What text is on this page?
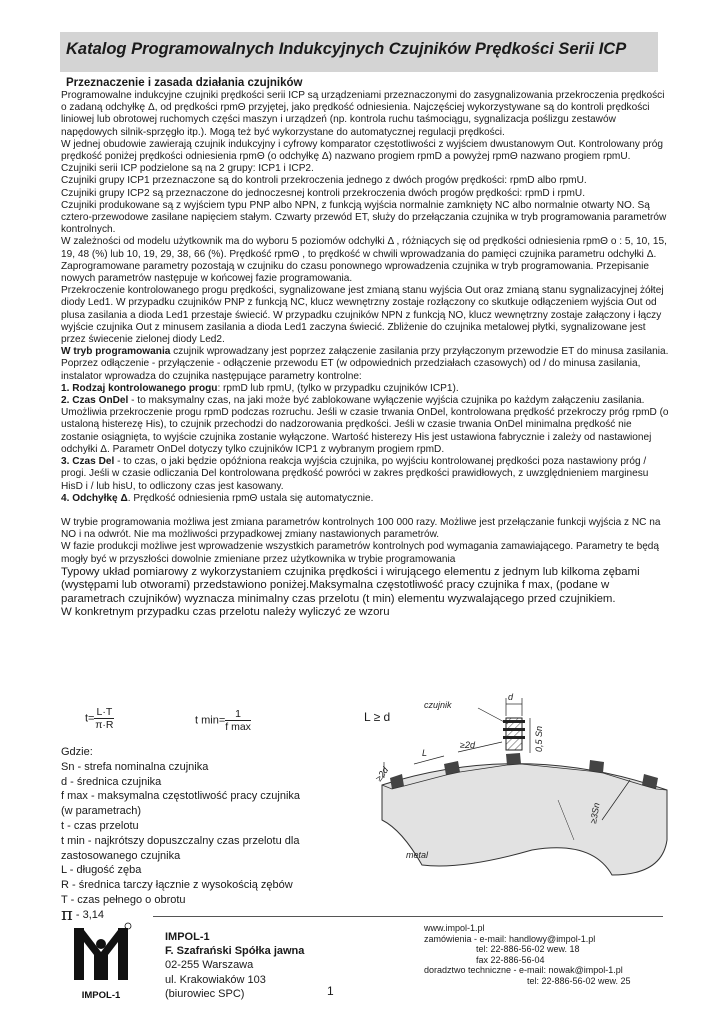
Katalog Programowalnych Indukcyjnych Czujników Prędkości Serii ICP
Przeznaczenie i zasada działania czujników

Programowalne indukcyjne czujniki prędkości serii ICP są urządzeniami przeznaczonymi do zasygnalizowania przekroczenia prędkości o zadaną odchyłkę Δ, od prędkości rpmΘ przyjętej, jako prędkość odniesienia. Najczęściej wykorzystywane są do kontroli prędkości liniowej lub obrotowej ruchomych części maszyn i urządzeń (np. kontrola ruchu taśmociągu, sygnalizacja poślizgu zestawów napędowych silnik-sprzęgło itp.). Mogą też być wykorzystane do automatycznej regulacji prędkości.

W jednej obudowie zawierają czujnik indukcyjny i cyfrowy komparator częstotliwości z wyjściem dwustanowym Out. Kontrolowany próg prędkość poniżej prędkości odniesienia rpmΘ (o odchyłkę Δ) nazwano progiem rpmD a powyżej rpmΘ nazwano progiem rpmU.

Czujniki serii ICP podzielone są na 2 grupy: ICP1 i ICP2.

Czujniki grupy ICP1 przeznaczone są do kontroli przekroczenia jednego z dwóch progów prędkości: rpmD albo rpmU.

Czujniki grupy ICP2 są przeznaczone do jednoczesnej kontroli przekroczenia dwóch progów prędkości: rpmD i rpmU.

Czujniki produkowane są z wyjściem typu PNP albo NPN, z funkcją wyjścia normalnie zamknięty NC albo normalnie otwarty NO. Są cztero-przewodowe zasilane napięciem stałym. Czwarty przewód ET, służy do przełączania czujnika w tryb programowania parametrów kontrolnych.

W zależności od modelu użytkownik ma do wyboru 5 poziomów odchyłki Δ , różniących się od prędkości odniesienia rpmΘ o : 5, 10, 15, 19, 48 (%) lub 10, 19, 29, 38, 66 (%). Prędkość rpmΘ , to prędkość w chwili wprowadzania do pamięci czujnika parametru odchyłki Δ. Zaprogramowane parametry pozostają w czujniku do czasu ponownego wprowadzenia czujnika w tryb programowania. Przepisanie nowych parametrów następuje w końcowej fazie programowania.

Przekroczenie kontrolowanego progu prędkości, sygnalizowane jest zmianą stanu wyjścia Out oraz zmianą stanu sygnalizacyjnej żółtej diody Led1. W przypadku czujników PNP z funkcją NC, klucz wewnętrzny zostaje rozłączony co skutkuje odłączeniem wyjścia Out od plusa zasilania a dioda Led1 przestaje świecić. W przypadku czujników NPN z funkcją NO, klucz wewnętrzny zostaje załączony i łączy wyjście czujnika Out z minusem zasilania a dioda Led1 zaczyna świecić. Zbliżenie do czujnika metalowej płytki, sygnalizowane jest przez świecenie zielonej diody Led2.

W tryb programowania czujnik wprowadzany jest poprzez załączenie zasilania przy przyłączonym przewodzie ET do minusa zasilania. Poprzez odłączenie - przyłączenie - odłączenie przewodu ET (w odpowiednich przedziałach czasowych) od / do minusa zasilania, instalator wprowadza do czujnika następujące parametry kontrolne:

1. Rodzaj kontrolowanego progu: rpmD lub rpmU, (tylko w przypadku czujników ICP1).

2. Czas OnDel - to maksymalny czas, na jaki może być zablokowane wyłączenie wyjścia czujnika po każdym załączeniu zasilania. Umożliwia przekroczenie progu rpmD podczas rozruchu. Jeśli w czasie trwania OnDel, kontrolowana prędkość przekroczy próg rpmD (o ustaloną histerezę His), to czujnik przechodzi do nadzorowania prędkości. Jeśli w czasie trwania OnDel minimalna prędkość nie zostanie osiągnięta, to wyjście czujnika zostanie wyłączone. Wartość histerezy His jest ustawiona fabrycznie i zależy od nastawionej odchyłki Δ. Parametr OnDel dotyczy tylko czujników ICP1 z wybranym progiem rpmD.

3. Czas Del - to czas, o jaki będzie opóźniona reakcja wyjścia czujnika, po wyjściu kontrolowanej prędkości poza nastawiony próg / progi. Jeśli w czasie odliczania Del kontrolowana prędkość powróci w zakres prędkości prawidłowych, z uwzględnieniem marginesu HisD i / lub hisU, to odliczony czas jest kasowany.

4. Odchyłkę Δ. Prędkość odniesienia rpmΘ ustala się automatycznie.

W trybie programowania możliwa jest zmiana parametrów kontrolnych 100 000 razy. Możliwe jest przełączanie funkcji wyjścia z NC na NO i na odwrót. Nie ma możliwości przypadkowej zmiany nastawionych parametrów.

W fazie produkcji możliwe jest wprowadzenie wszystkich parametrów kontrolnych pod wymagania zamawiającego. Parametry te będą mogły być w przyszłości dowolnie zmieniane przez użytkownika w trybie programowania

Typowy układ pomiarowy z wykorzystaniem czujnika prędkości i wirującego elementu z jednym lub kilkoma zębami (występami lub otworami) przedstawiono poniżej.Maksymalna częstotliwość pracy czujnika f max, (podane w parametrach czujników) wyznacza minimalny czas przelotu (t min) elementu wyzwalającego przed czujnikiem.

W konkretnym przypadku czas przelotu należy wyliczyć ze wzoru

$t= \frac{L\cdot T}{\pi\cdot R}$	t $\min= \frac{1}{\text{f max}}$	L ≥ d
czujnik
d
0,5 Sn
L
≥2d
≥2d
≥3Sn
metal

Gdzie:

Sn - strefa nominalna czujnika

d - średnica czujnika

f max - maksymalna częstotliwość pracy czujnika

(w parametrach)

t - czas przelotu

t min - najkrótszy dopuszczalny czas przelotu dla

zastosowanego czujnika

L - długość zęba

R - średnica tarczy łącznie z wysokością zębów

T - czas pełnego o obrotu

π - 3,14

IMPOL-1

IMPOL-1

F. Szafrański Spółka jawna

02-255 Warszawa

ul. Krakowiaków 103

(biurowiec SPC)	1

www.impol-1.pl

zamówienia - e-mail: handlowy@impol-1.pl

tel: 22-886-56-02 wew. 18

fax 22-886-56-04

doradztwo techniczne - e-mail: nowak@impol-1.pl

tel: 22-886-56-02 wew. 25
